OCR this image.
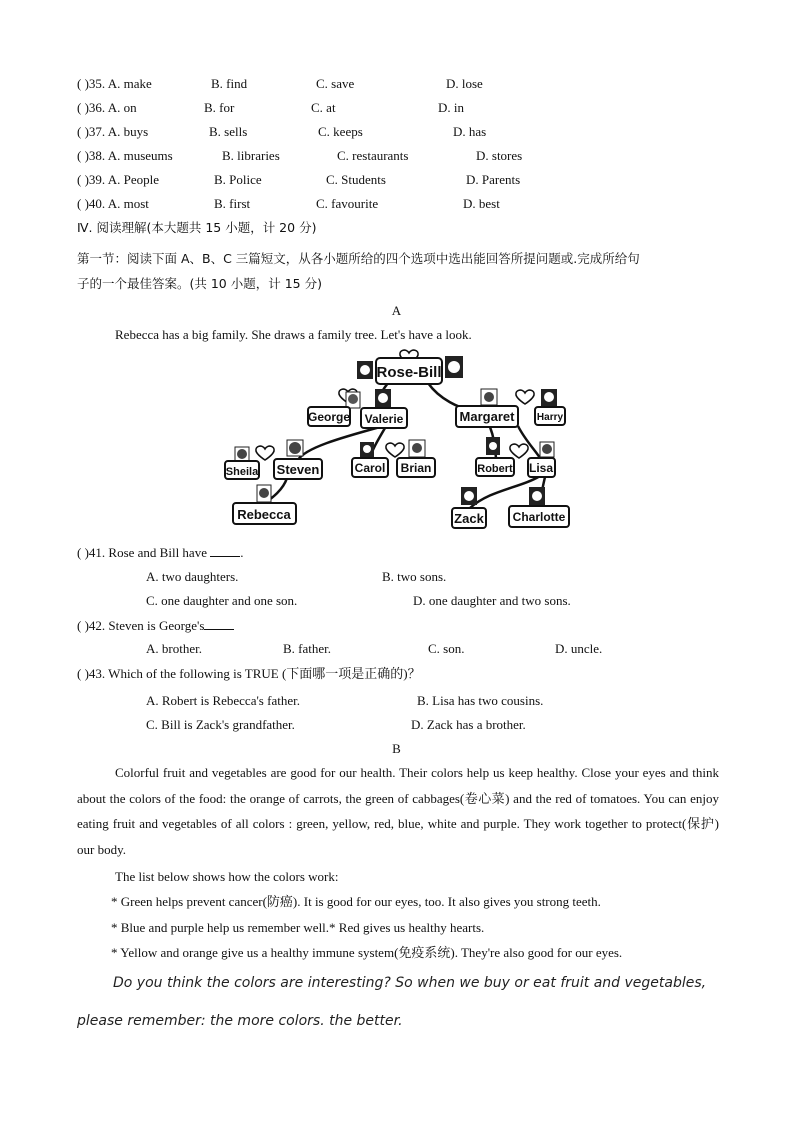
( )35. A. make	B. find	C. save	D. lose
( )36. A. on	B. for	C. at	D. in
( )37. A. buys	B. sells	C. keeps	D. has
( )38. A. museums	B. libraries	C. restaurants	D. stores
( )39. A. People	B. Police	C. Students	D. Parents
( )40. A. most	B. first	C. favourite	D. best
Ⅳ. 阅读理解(本大题共 15 小题，计 20 分)
第一节：阅读下面 A、B、C 三篇短文，从各小题所给的四个选项中选出能回答所提问题或.完成所给句
子的一个最佳答案。(共 10 小题，计 15 分)
A
Rebecca has a big family. She draws a family tree. Let's have a look.
Rose-Bill
George Valerie	Margaret Harry
Sheila Steven	Carol Brian	Robert Lisa
Rebecca	Zack Charlotte
( )41. Rose and Bill have	.
A. two daughters.	B. two sons.
C. one daughter and one son.	D. one daughter and two sons.
( )42. Steven is George's
A. brother.	B. father.	C. son.	D. uncle.
( )43. Which of the following is TRUE (下面哪一项是正确的)？
A. Robert is Rebecca's father.	B. Lisa has two cousins.
C. Bill is Zack's grandfather.	D. Zack has a brother.
B
Colorful fruit and vegetables are good for our health. Their colors help us keep healthy. Close your eyes and think about the colors of the food: the orange of carrots, the green of cabbages(卷心菜) and the red of tomatoes. You can enjoy eating fruit and vegetables of all colors : green, yellow, red, blue, white and purple. They work together to protect(保护) our body.
The list below shows how the colors work:
* Green helps prevent cancer(防癌). It is good for our eyes, too. It also gives you strong teeth.
* Blue and purple help us remember well.* Red gives us healthy hearts.
* Yellow and orange give us a healthy immune system(免疫系统). They're also good for our eyes.
Do you think the colors are interesting? So when we buy or eat fruit and vegetables, please remember: the more colors. the better.
